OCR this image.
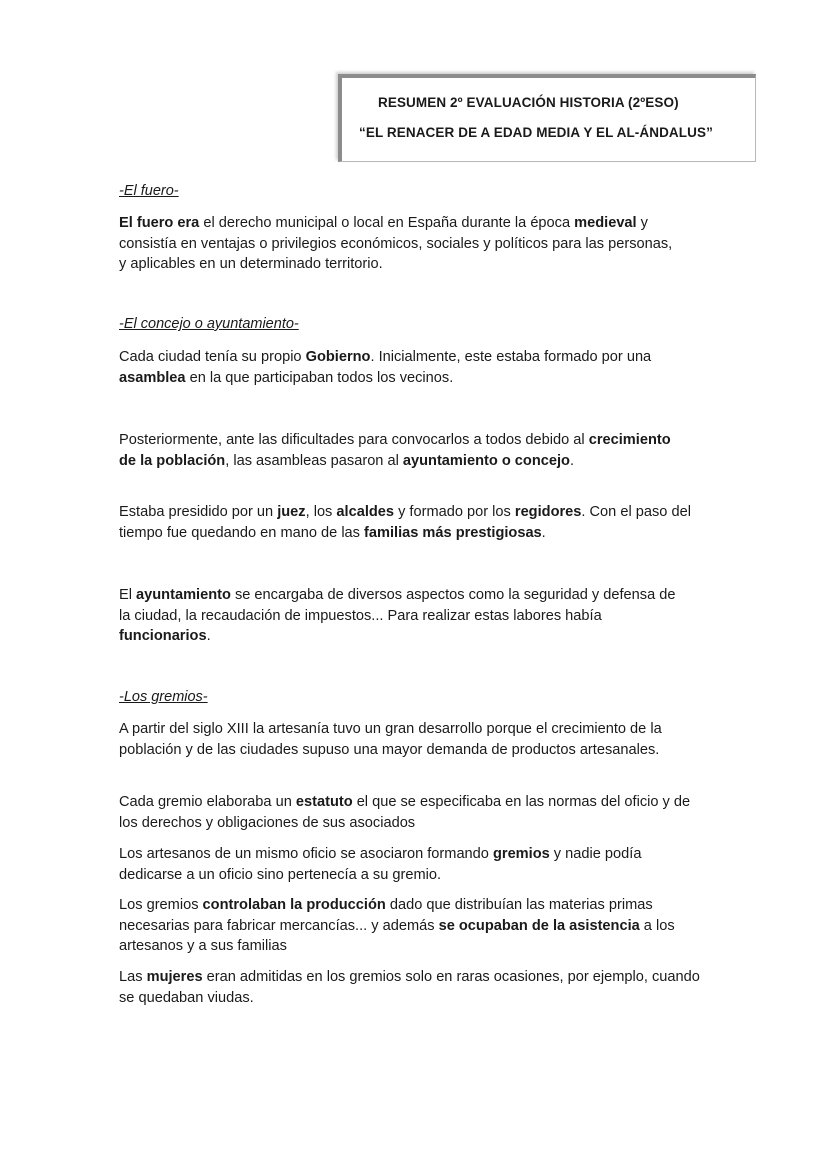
RESUMEN 2º EVALUACIÓN HISTORIA (2ºESO)
“EL RENACER DE A EDAD MEDIA Y EL AL-ÁNDALUS”
-El fuero-
El fuero era el derecho municipal o local en España durante la época medieval y consistía en ventajas o privilegios económicos, sociales y políticos para las personas, y aplicables en un determinado territorio.
-El concejo o ayuntamiento-
Cada ciudad tenía su propio Gobierno. Inicialmente, este estaba formado por una asamblea en la que participaban todos los vecinos.
Posteriormente, ante las dificultades para convocarlos a todos debido al crecimiento de la población, las asambleas pasaron al ayuntamiento o concejo.
Estaba presidido por un juez, los alcaldes y formado por los regidores. Con el paso del tiempo fue quedando en mano de las familias más prestigiosas.
El ayuntamiento se encargaba de diversos aspectos como la seguridad y defensa de la ciudad, la recaudación de impuestos... Para realizar estas labores había funcionarios.
-Los gremios-
A partir del siglo XIII la artesanía tuvo un gran desarrollo porque el crecimiento de la población y de las ciudades supuso una mayor demanda de productos artesanales.
Cada gremio elaboraba un estatuto el que se especificaba en las normas del oficio y de los derechos y obligaciones de sus asociados
Los artesanos de un mismo oficio se asociaron formando gremios y nadie podía dedicarse a un oficio sino pertenecía a su gremio.
Los gremios controlaban la producción dado que distribuían las materias primas necesarias para fabricar mercancías... y además se ocupaban de la asistencia a los artesanos y a sus familias
Las mujeres eran admitidas en los gremios solo en raras ocasiones, por ejemplo, cuando se quedaban viudas.
